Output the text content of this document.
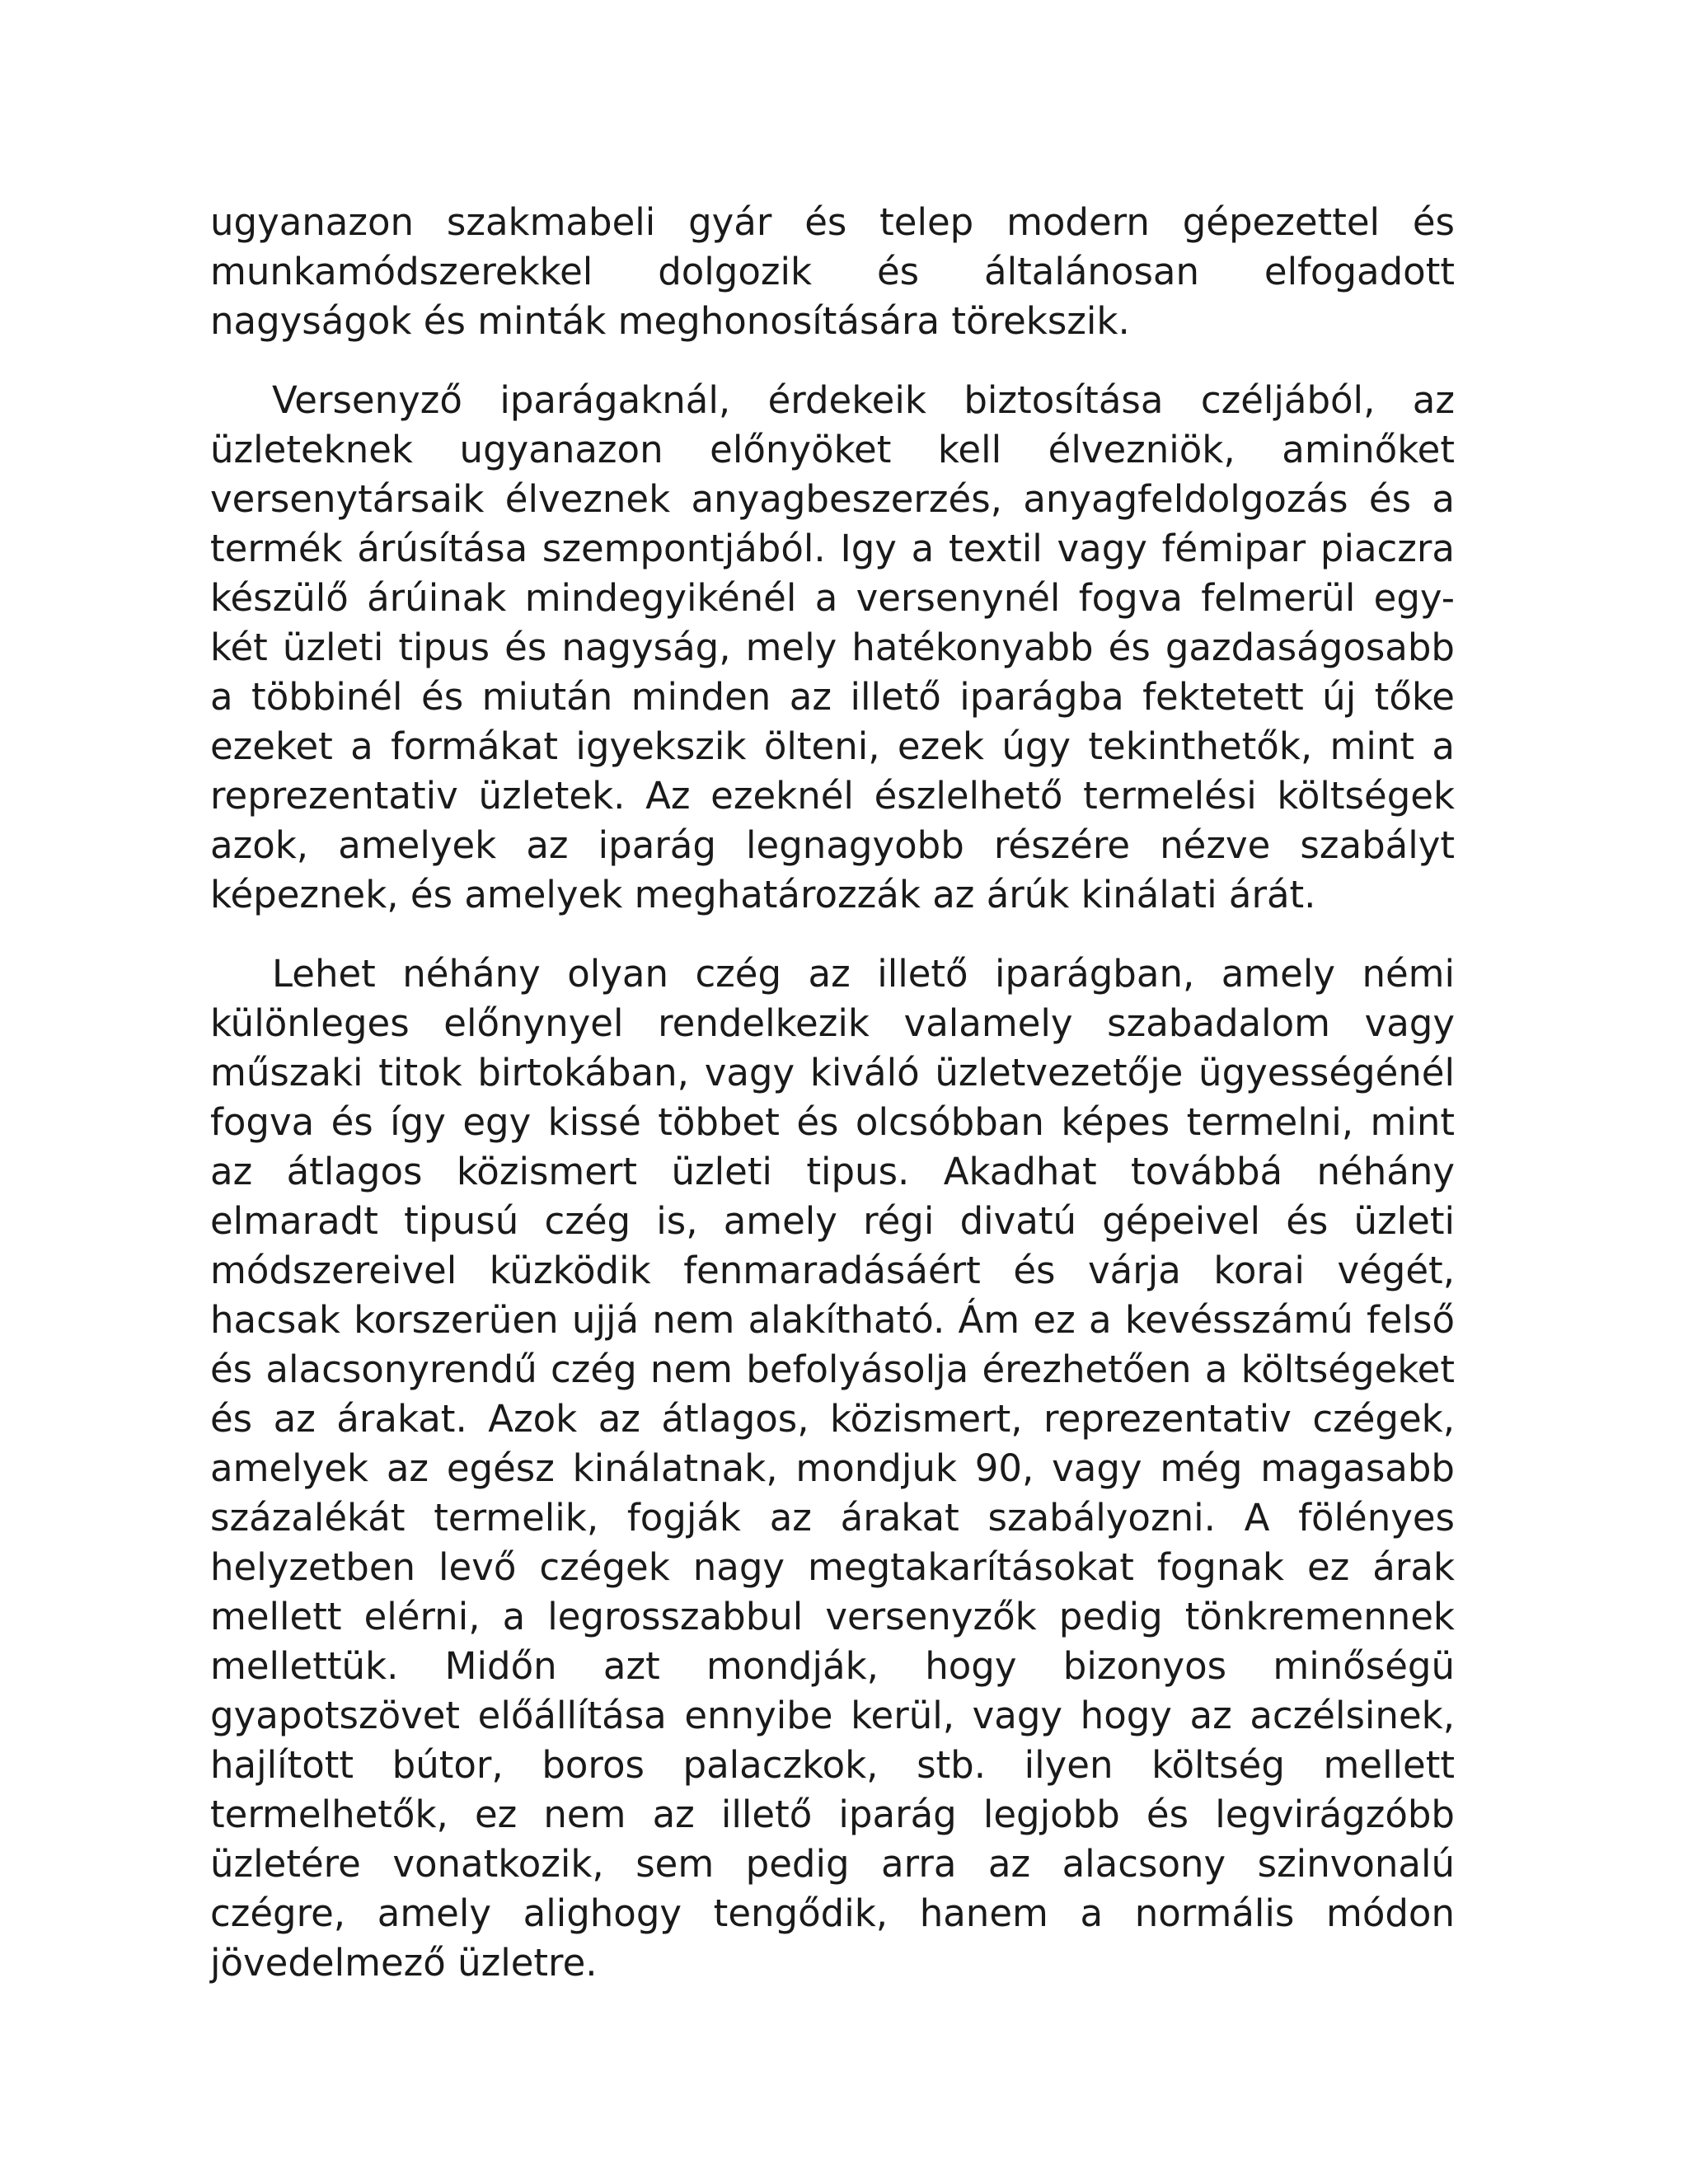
ugyanazon szakmabeli gyár és telep modern gépezettel és munkamódszerekkel dolgozik és általánosan elfogadott nagyságok és minták meghonosítására törekszik.

Versenyző iparágaknál, érdekeik biztosítása czéljából, az üzleteknek ugyanazon előnyöket kell élvezniök, aminőket versenytársaik élveznek anyagbeszerzés, anyagfeldolgozás és a termék árúsítása szempontjából. Igy a textil vagy fémipar piaczra készülő árúinak mindegyikénél a versenynél fogva felmerül egy-két üzleti tipus és nagyság, mely hatékonyabb és gazdaságosabb a többinél és miután minden az illető iparágba fektetett új tőke ezeket a formákat igyekszik ölteni, ezek úgy tekinthetők, mint a reprezentativ üzletek. Az ezeknél észlelhető termelési költségek azok, amelyek az iparág legnagyobb részére nézve szabályt képeznek, és amelyek meghatározzák az árúk kinálati árát.

Lehet néhány olyan czég az illető iparágban, amely némi különleges előnynyel rendelkezik valamely szabadalom vagy műszaki titok birtokában, vagy kiváló üzletvezetője ügyességénél fogva és így egy kissé többet és olcsóbban képes termelni, mint az átlagos közismert üzleti tipus. Akadhat továbbá néhány elmaradt tipusú czég is, amely régi divatú gépeivel és üzleti módszereivel küzködik fenmaradásáért és várja korai végét, hacsak korszerüen ujjá nem alakítható. Ám ez a kevésszámú felső és alacsonyrendű czég nem befolyásolja érezhetően a költségeket és az árakat. Azok az átlagos, közismert, reprezentativ czégek, amelyek az egész kinálatnak, mondjuk 90, vagy még magasabb százalékát termelik, fogják az árakat szabályozni. A fölényes helyzetben levő czégek nagy megtakarításokat fognak ez árak mellett elérni, a legrosszabbul versenyzők pedig tönkremennek mellettük. Midőn azt mondják, hogy bizonyos minőségü gyapotszövet előállítása ennyibe kerül, vagy hogy az aczélsinek, hajlított bútor, boros palaczkok, stb. ilyen költség mellett termelhetők, ez nem az illető iparág legjobb és legvirágzóbb üzletére vonatkozik, sem pedig arra az alacsony szinvonalú czégre, amely alighogy tengődik, hanem a normális módon jövedelmező üzletre.
